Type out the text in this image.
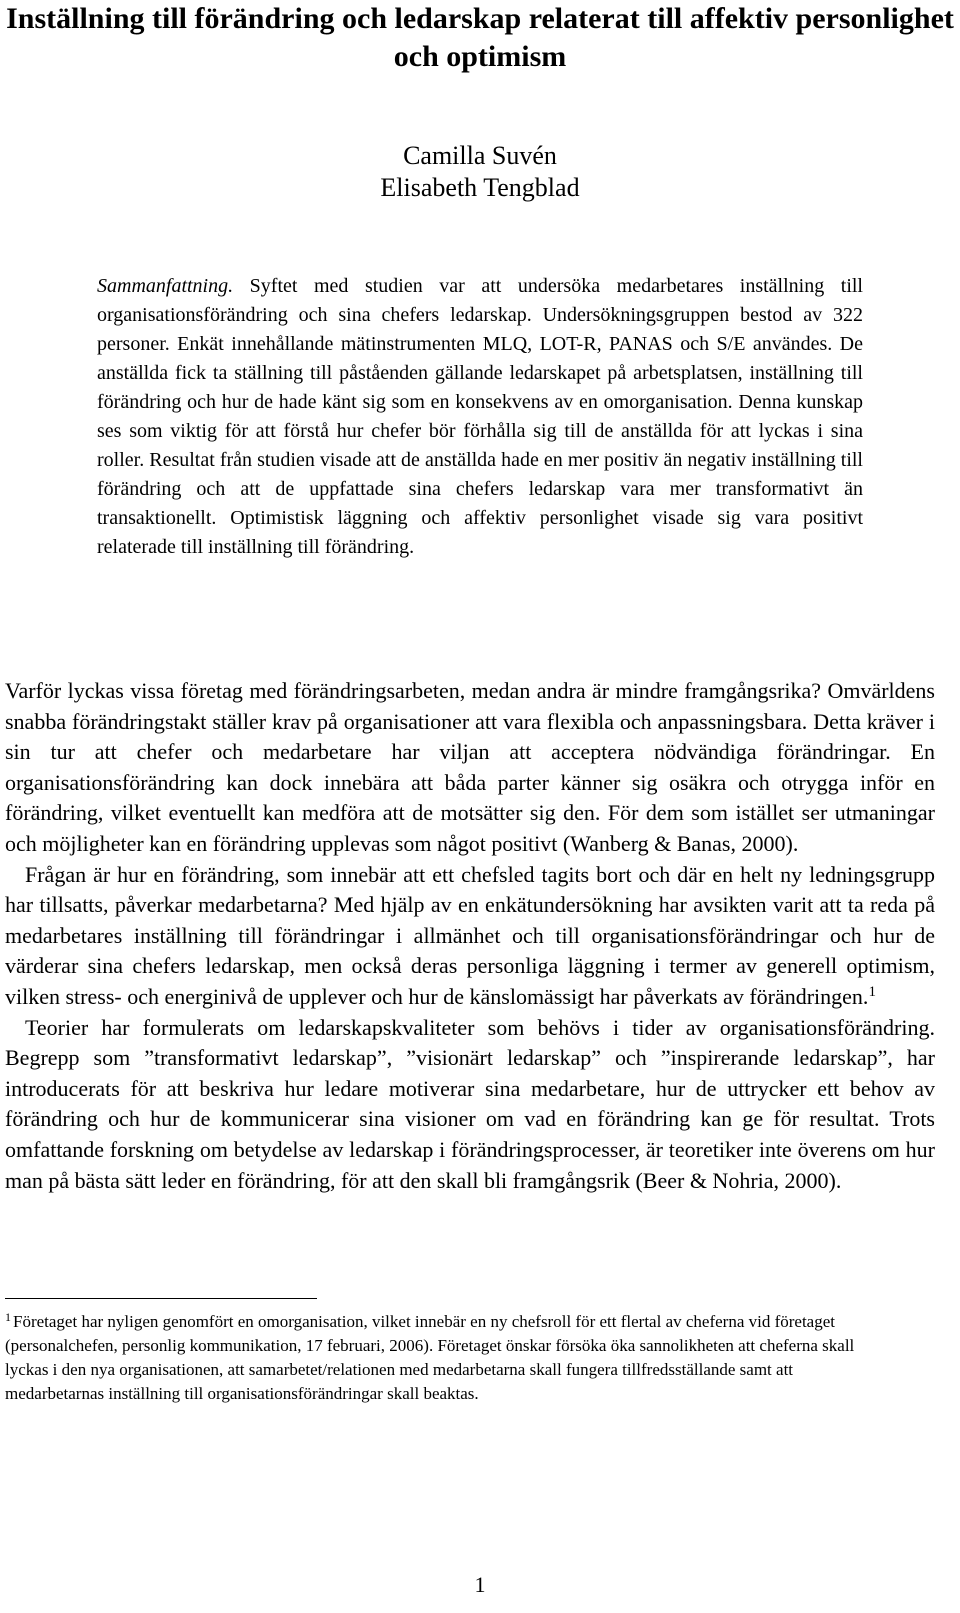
Inställning till förändring och ledarskap relaterat till affektiv personlighet och optimism
Camilla Suvén
Elisabeth Tengblad
Sammanfattning. Syftet med studien var att undersöka medarbetares inställning till organisationsförändring och sina chefers ledarskap. Undersökningsgruppen bestod av 322 personer. Enkät innehållande mätinstrumenten MLQ, LOT-R, PANAS och S/E användes. De anställda fick ta ställning till påståenden gällande ledarskapet på arbetsplatsen, inställning till förändring och hur de hade känt sig som en konsekvens av en omorganisation. Denna kunskap ses som viktig för att förstå hur chefer bör förhålla sig till de anställda för att lyckas i sina roller. Resultat från studien visade att de anställda hade en mer positiv än negativ inställning till förändring och att de uppfattade sina chefers ledarskap vara mer transformativt än transaktionellt. Optimistisk läggning och affektiv personlighet visade sig vara positivt relaterade till inställning till förändring.

Varför lyckas vissa företag med förändringsarbeten, medan andra är mindre framgångsrika? Omvärldens snabba förändringstakt ställer krav på organisationer att vara flexibla och anpassningsbara. Detta kräver i sin tur att chefer och medarbetare har viljan att acceptera nödvändiga förändringar. En organisationsförändring kan dock innebära att båda parter känner sig osäkra och otrygga inför en förändring, vilket eventuellt kan medföra att de motsätter sig den. För dem som istället ser utmaningar och möjligheter kan en förändring upplevas som något positivt (Wanberg & Banas, 2000).

Frågan är hur en förändring, som innebär att ett chefsled tagits bort och där en helt ny ledningsgrupp har tillsatts, påverkar medarbetarna? Med hjälp av en enkätundersökning har avsikten varit att ta reda på medarbetares inställning till förändringar i allmänhet och till organisationsförändringar och hur de värderar sina chefers ledarskap, men också deras personliga läggning i termer av generell optimism, vilken stress- och energinivå de upplever och hur de känslomässigt har påverkats av förändringen.$^1$

Teorier har formulerats om ledarskapskvaliteter som behövs i tider av organisationsförändring. Begrepp som ”transformativt ledarskap”, ”visionärt ledarskap” och ”inspirerande ledarskap”, har introducerats för att beskriva hur ledare motiverar sina medarbetare, hur de uttrycker ett behov av förändring och hur de kommunicerar sina visioner om vad en förändring kan ge för resultat. Trots omfattande forskning om betydelse av ledarskap i förändringsprocesser, är teoretiker inte överens om hur man på bästa sätt leder en förändring, för att den skall bli framgångsrik (Beer & Nohria, 2000).

$^1$ Företaget har nyligen genomfört en omorganisation, vilket innebär en ny chefsroll för ett flertal av cheferna vid företaget (personalchefen, personlig kommunikation, 17 februari, 2006). Företaget önskar försöka öka sannolikheten att cheferna skall lyckas i den nya organisationen, att samarbetet/relationen med medarbetarna skall fungera tillfredsställande samt att medarbetarnas inställning till organisationsförändringar skall beaktas.
1
